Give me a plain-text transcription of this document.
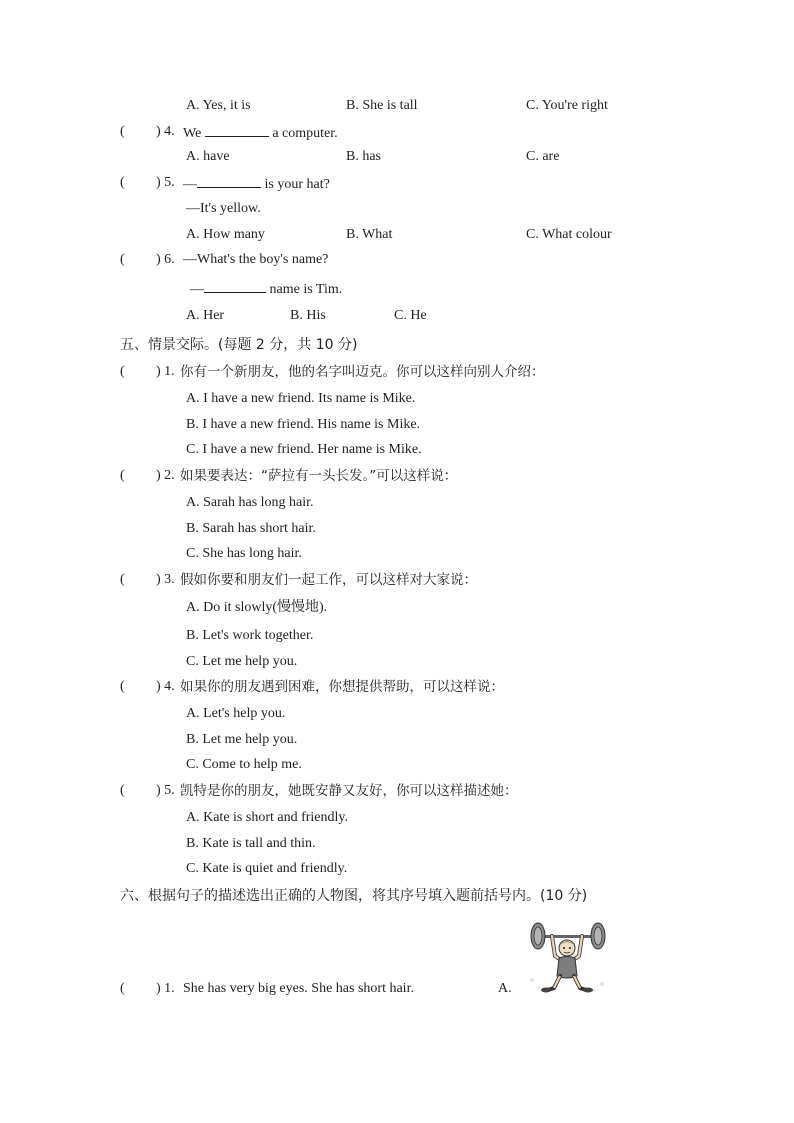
A. Yes, it is	B. She is tall	C. You're right
( ) 4. We	a computer.
A. have	B. has	C. are
( ) 5. —	is your hat?
—It's yellow.
A. How many	B. What	C. What colour
( ) 6. —What's the boy's name?
—	name is Tim.
A. Her	B. His	C. He
五、情景交际。(每题 2 分，共 10 分)
( ) 1. 你有一个新朋友，他的名字叫迈克。你可以这样向别人介绍：
A. I have a new friend. Its name is Mike.
B. I have a new friend. His name is Mike.
C. I have a new friend. Her name is Mike.
( ) 2. 如果要表达：“萨拉有一头长发。”可以这样说：
A. Sarah has long hair.
B. Sarah has short hair.
C. She has long hair.
( ) 3. 假如你要和朋友们一起工作，可以这样对大家说：
A. Do it slowly(慢慢地).
B. Let's work together.
C. Let me help you.
( ) 4. 如果你的朋友遇到困难，你想提供帮助，可以这样说：
A. Let's help you.
B. Let me help you.
C. Come to help me.
( ) 5. 凯特是你的朋友，她既安静又友好，你可以这样描述她：
A. Kate is short and friendly.
B. Kate is tall and thin.
C. Kate is quiet and friendly.
六、根据句子的描述选出正确的人物图，将其序号填入题前括号内。(10 分)
( ) 1. She has very big eyes. She has short hair.	A.
